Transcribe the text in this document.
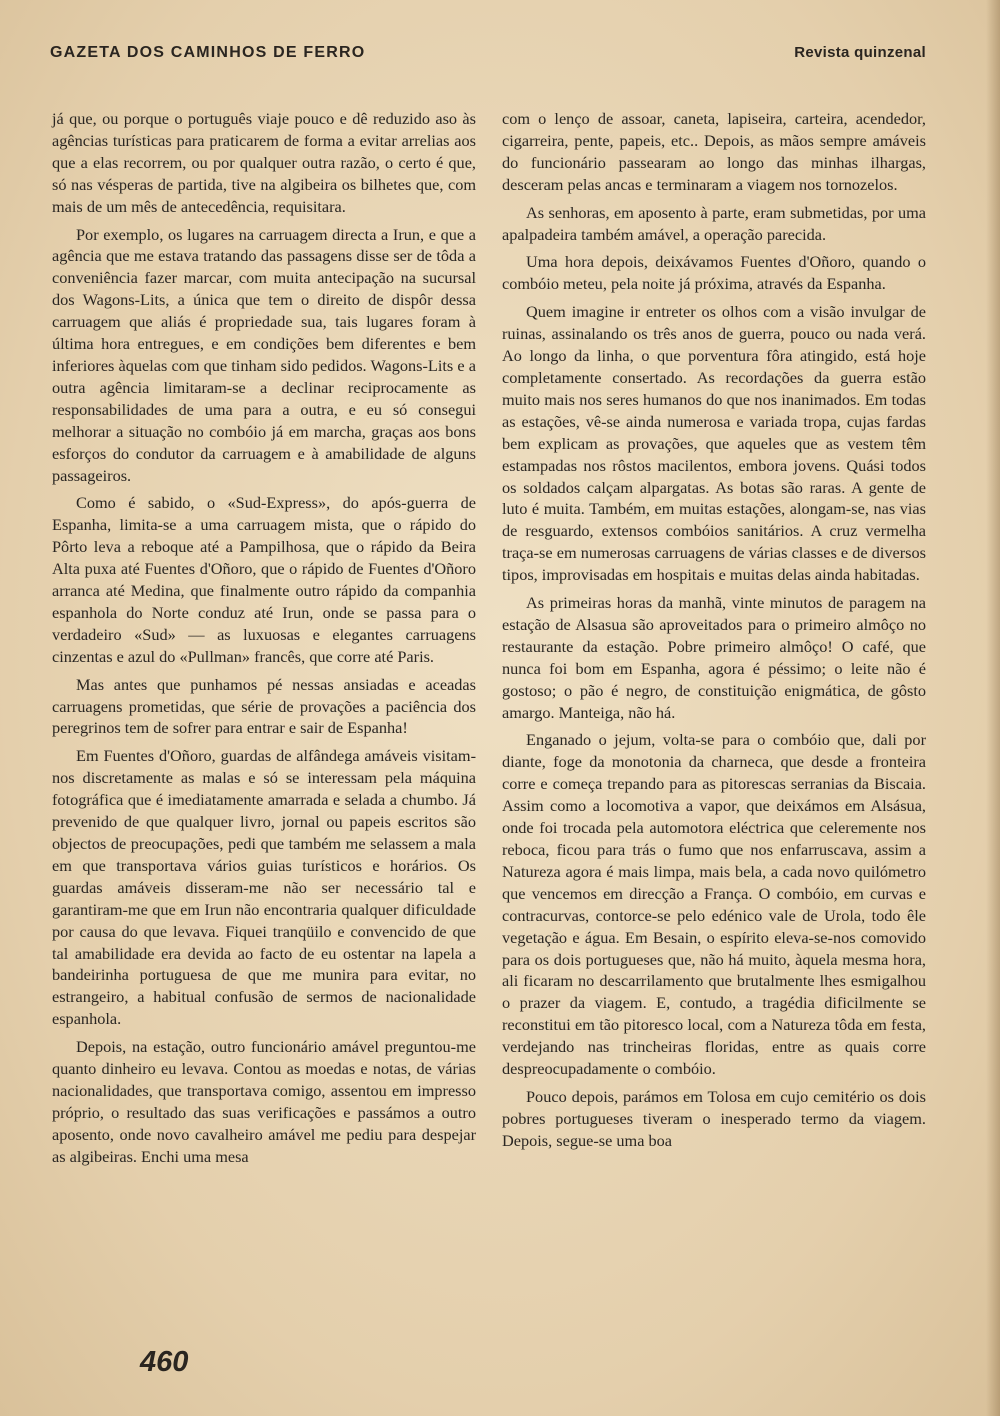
GAZETA DOS CAMINHOS DE FERRO	Revista quinzenal

já que, ou porque o português viaje pouco e dê reduzido aso às agências turísticas para praticarem de forma a evitar arrelias aos que a elas recorrem, ou por qualquer outra razão, o certo é que, só nas vésperas de partida, tive na algibeira os bilhetes que, com mais de um mês de antecedência, requisitara.

Por exemplo, os lugares na carruagem directa a Irun, e que a agência que me estava tratando das passagens disse ser de tôda a conveniência fazer marcar, com muita antecipação na sucursal dos Wagons-Lits, a única que tem o direito de dispôr dessa carruagem que aliás é propriedade sua, tais lugares foram à última hora entregues, e em condições bem diferentes e bem inferiores àquelas com que tinham sido pedidos. Wagons-Lits e a outra agência limitaram-se a declinar reciprocamente as responsabilidades de uma para a outra, e eu só consegui melhorar a situação no combóio já em marcha, graças aos bons esforços do condutor da carruagem e à amabilidade de alguns passageiros.

Como é sabido, o «Sud-Express», do após-guerra de Espanha, limita-se a uma carruagem mista, que o rápido do Pôrto leva a reboque até a Pampilhosa, que o rápido da Beira Alta puxa até Fuentes d'Oñoro, que o rápido de Fuentes d'Oñoro arranca até Medina, que finalmente outro rápido da companhia espanhola do Norte conduz até Irun, onde se passa para o verdadeiro «Sud» — as luxuosas e elegantes carruagens cinzentas e azul do «Pullman» francês, que corre até Paris.

Mas antes que punhamos pé nessas ansiadas e aceadas carruagens prometidas, que série de provações a paciência dos peregrinos tem de sofrer para entrar e sair de Espanha!

Em Fuentes d'Oñoro, guardas de alfândega amáveis visitam-nos discretamente as malas e só se interessam pela máquina fotográfica que é imediatamente amarrada e selada a chumbo. Já prevenido de que qualquer livro, jornal ou papeis escritos são objectos de preocupações, pedi que também me selassem a mala em que transportava vários guias turísticos e horários. Os guardas amáveis disseram-me não ser necessário tal e garantiram-me que em Irun não encontraria qualquer dificuldade por causa do que levava. Fiquei tranqüilo e convencido de que tal amabilidade era devida ao facto de eu ostentar na lapela a bandeirinha portuguesa de que me munira para evitar, no estrangeiro, a habitual confusão de sermos de nacionalidade espanhola.

Depois, na estação, outro funcionário amável preguntou-me quanto dinheiro eu levava. Contou as moedas e notas, de várias nacionalidades, que transportava comigo, assentou em impresso próprio, o resultado das suas verificações e passámos a outro aposento, onde novo cavalheiro amável me pediu para despejar as algibeiras. Enchi uma mesa

com o lenço de assoar, caneta, lapiseira, carteira, acendedor, cigarreira, pente, papeis, etc.. Depois, as mãos sempre amáveis do funcionário passearam ao longo das minhas ilhargas, desceram pelas ancas e terminaram a viagem nos tornozelos.

As senhoras, em aposento à parte, eram submetidas, por uma apalpadeira também amável, a operação parecida.

Uma hora depois, deixávamos Fuentes d'Oñoro, quando o combóio meteu, pela noite já próxima, através da Espanha.

Quem imagine ir entreter os olhos com a visão invulgar de ruinas, assinalando os três anos de guerra, pouco ou nada verá. Ao longo da linha, o que porventura fôra atingido, está hoje completamente consertado. As recordações da guerra estão muito mais nos seres humanos do que nos inanimados. Em todas as estações, vê-se ainda numerosa e variada tropa, cujas fardas bem explicam as provações, que aqueles que as vestem têm estampadas nos rôstos macilentos, embora jovens. Quási todos os soldados calçam alpargatas. As botas são raras. A gente de luto é muita. Também, em muitas estações, alongam-se, nas vias de resguardo, extensos combóios sanitários. A cruz vermelha traça-se em numerosas carruagens de várias classes e de diversos tipos, improvisadas em hospitais e muitas delas ainda habitadas.

As primeiras horas da manhã, vinte minutos de paragem na estação de Alsasua são aproveitados para o primeiro almôço no restaurante da estação. Pobre primeiro almôço! O café, que nunca foi bom em Espanha, agora é péssimo; o leite não é gostoso; o pão é negro, de constituição enigmática, de gôsto amargo. Manteiga, não há.

Enganado o jejum, volta-se para o combóio que, dali por diante, foge da monotonia da charneca, que desde a fronteira corre e começa trepando para as pitorescas serranias da Biscaia. Assim como a locomotiva a vapor, que deixámos em Alsásua, onde foi trocada pela automotora eléctrica que celeremente nos reboca, ficou para trás o fumo que nos enfarruscava, assim a Natureza agora é mais limpa, mais bela, a cada novo quilómetro que vencemos em direcção a França. O combóio, em curvas e contracurvas, contorce-se pelo edénico vale de Urola, todo êle vegetação e água. Em Besain, o espírito eleva-se-nos comovido para os dois portugueses que, não há muito, àquela mesma hora, ali ficaram no descarrilamento que brutalmente lhes esmigalhou o prazer da viagem. E, contudo, a tragédia dificilmente se reconstitui em tão pitoresco local, com a Natureza tôda em festa, verdejando nas trincheiras floridas, entre as quais corre despreocupadamente o combóio.

Pouco depois, parámos em Tolosa em cujo cemitério os dois pobres portugueses tiveram o inesperado termo da viagem. Depois, segue-se uma boa

460
